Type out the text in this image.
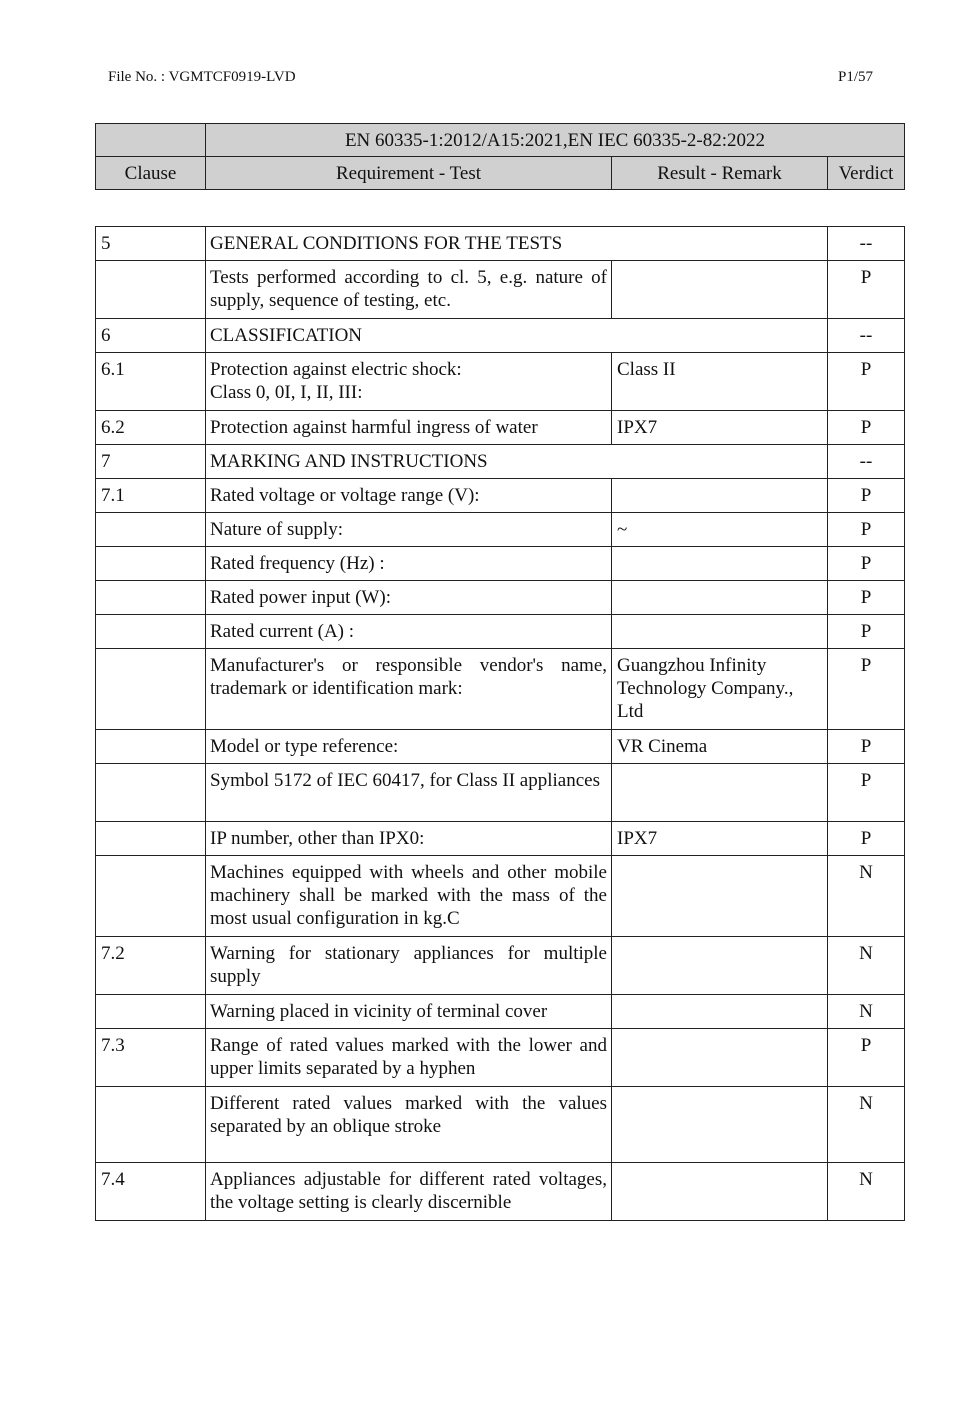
File No. : VGMTCF0919-LVD	P1/57
	EN 60335-1:2012/A15:2021,EN IEC 60335-2-82:2022		
Clause	Requirement - Test	Result - Remark	Verdict
5	GENERAL CONDITIONS FOR THE TESTS		--
	Tests performed according to cl. 5, e.g. nature of supply, sequence of testing, etc.		P
6	CLASSIFICATION		--
6.1	Protection against electric shock:
Class 0, 0I, I, II, III:	Class II	P
6.2	Protection against harmful ingress of water	IPX7	P
7	MARKING AND INSTRUCTIONS		--
7.1	Rated voltage or voltage range (V):		P
	Nature of supply:	~	P
	Rated frequency (Hz) :		P
	Rated power input (W):		P
	Rated current (A) :		P
	Manufacturer's or responsible vendor's name, trademark or identification mark:	Guangzhou Infinity Technology Company., Ltd	P
	Model or type reference:	VR Cinema	P
	Symbol 5172 of IEC 60417, for Class II appliances		P
	IP number, other than IPX0:	IPX7	P
	Machines equipped with wheels and other mobile machinery shall be marked with the mass of the most usual configuration in kg.C		N
7.2	Warning for stationary appliances for multiple supply		N
	Warning placed in vicinity of terminal cover		N
7.3	Range of rated values marked with the lower and upper limits separated by a hyphen		P
	Different rated values marked with the values separated by an oblique stroke		N
7.4	Appliances adjustable for different rated voltages, the voltage setting is clearly discernible		N
